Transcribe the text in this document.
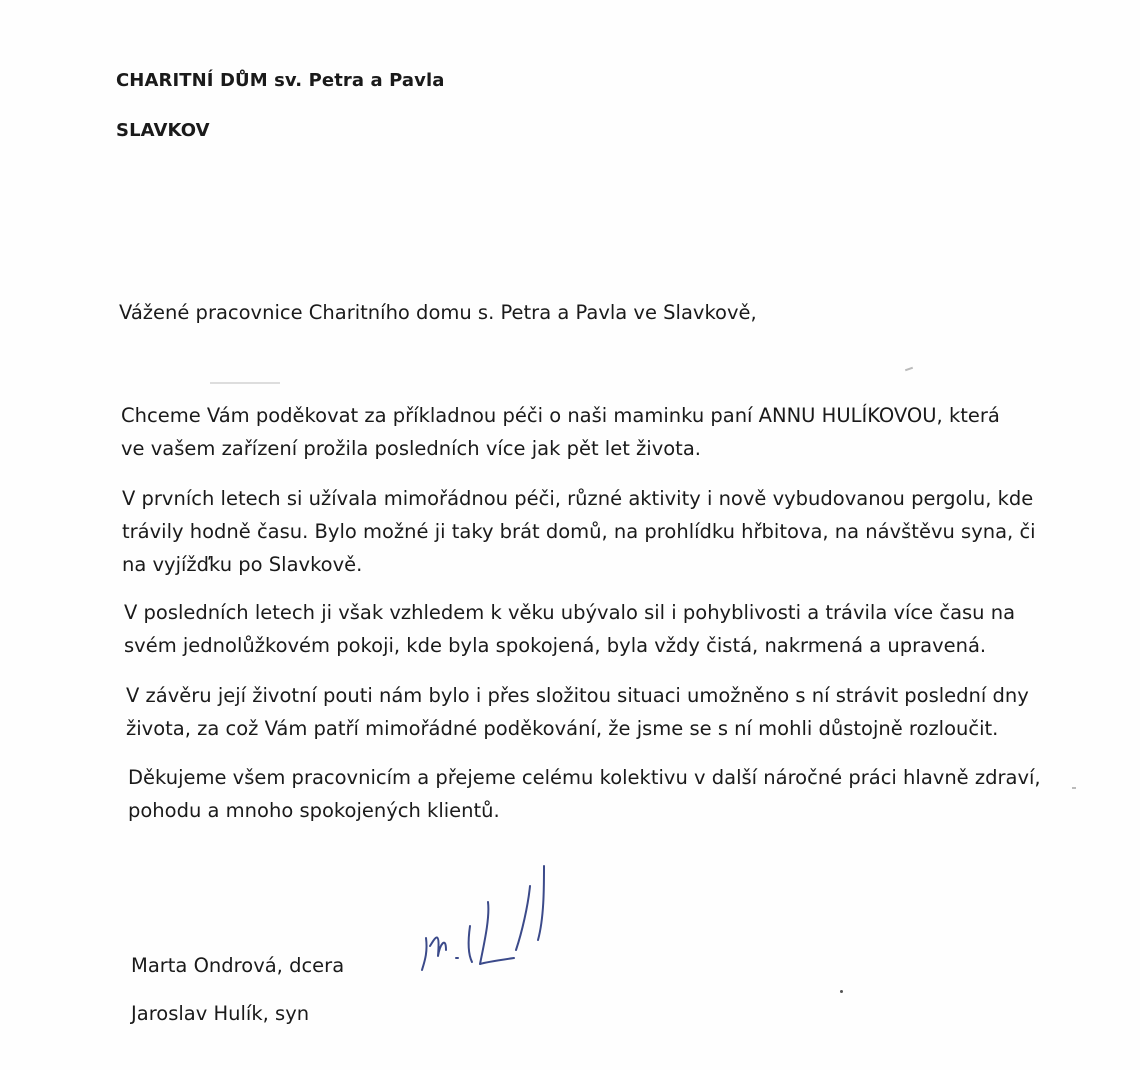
CHARITNÍ DŮM sv. Petra a Pavla
SLAVKOV
Vážené pracovnice Charitního domu s. Petra a Pavla ve Slavkově,
Chceme Vám poděkovat za příkladnou péči o naši maminku paní ANNU HULÍKOVOU, která
ve vašem zařízení prožila posledních více jak pět let života.
V prvních letech si užívala mimořádnou péči, různé aktivity i nově vybudovanou pergolu, kde
trávily hodně času. Bylo možné ji taky brát domů, na prohlídku hřbitova, na návštěvu syna, či
na vyjížďku po Slavkově.
V posledních letech ji však vzhledem k věku ubývalo sil i pohyblivosti a trávila více času na
svém jednolůžkovém pokoji, kde byla spokojená, byla vždy čistá, nakrmená a upravená.
V závěru její životní pouti nám bylo i přes složitou situaci umožněno s ní strávit poslední dny
života, za což Vám patří mimořádné poděkování, že jsme se s ní mohli důstojně rozloučit.
Děkujeme všem pracovnicím a přejeme celému kolektivu v další náročné práci hlavně zdraví,
pohodu a mnoho spokojených klientů.
Marta Ondrová, dcera
Jaroslav Hulík, syn
